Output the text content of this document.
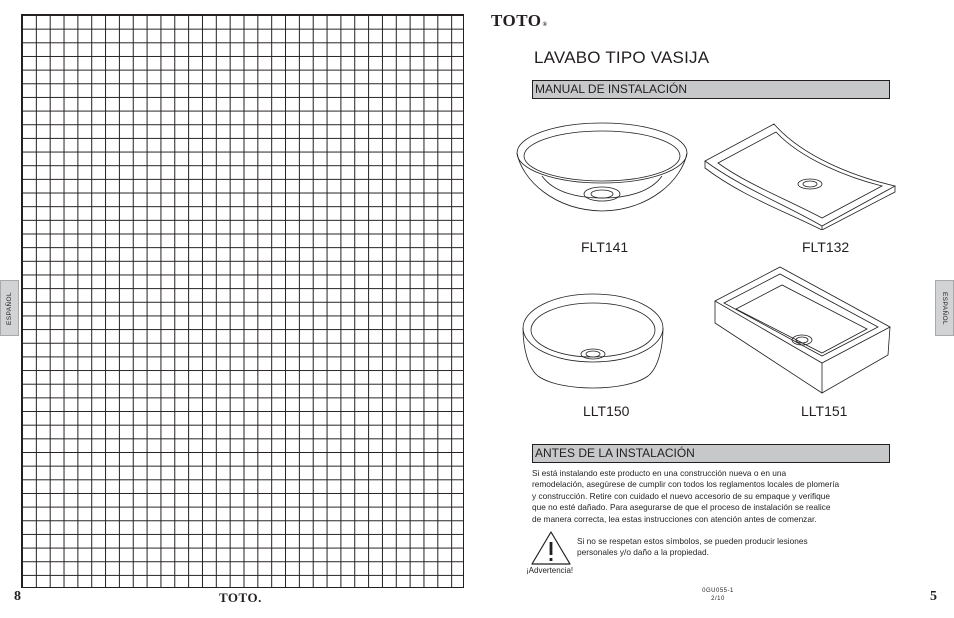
ESPAÑOL
8	TOTO.
TOTO®
LAVABO TIPO VASIJA
MANUAL DE INSTALACIÓN
FLT141	FLT132
LLT150	LLT151
ANTES DE LA INSTALACIÓN
Si está instalando este producto en una construcción nueva o en una
remodelación, asegúrese de cumplir con todos los reglamentos locales de plomería
y construcción. Retire con cuidado el nuevo accesorio de su empaque y verifique
que no esté dañado. Para asegurarse de que el proceso de instalación se realice
de manera correcta, lea estas instrucciones con atención antes de comenzar.
Si no se respetan estos símbolos, se pueden producir lesiones
personales y/o daño a la propiedad.
¡Advertencia!
0GU055-1
2/10	5
ESPAÑOL
